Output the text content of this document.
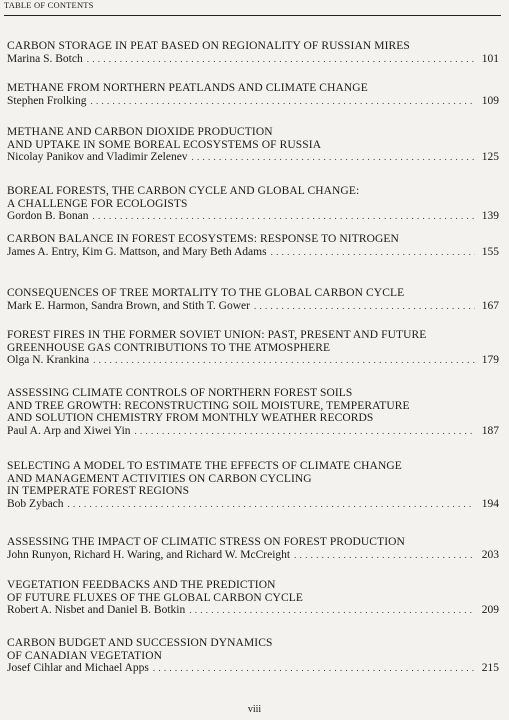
TABLE OF CONTENTS
CARBON STORAGE IN PEAT BASED ON REGIONALITY OF RUSSIAN MIRES
Marina S. Botch . . .	101
METHANE FROM NORTHERN PEATLANDS AND CLIMATE CHANGE
Stephen Frolking . . .	109
METHANE AND CARBON DIOXIDE PRODUCTION
AND UPTAKE IN SOME BOREAL ECOSYSTEMS OF RUSSIA
Nicolay Panikov and Vladimir Zelenev . . .	125
BOREAL FORESTS, THE CARBON CYCLE AND GLOBAL CHANGE:
A CHALLENGE FOR ECOLOGISTS
Gordon B. Bonan . . .	139
CARBON BALANCE IN FOREST ECOSYSTEMS: RESPONSE TO NITROGEN
James A. Entry, Kim G. Mattson, and Mary Beth Adams . . .	155
CONSEQUENCES OF TREE MORTALITY TO THE GLOBAL CARBON CYCLE
Mark E. Harmon, Sandra Brown, and Stith T. Gower . . .	167
FOREST FIRES IN THE FORMER SOVIET UNION: PAST, PRESENT AND FUTURE
GREENHOUSE GAS CONTRIBUTIONS TO THE ATMOSPHERE
Olga N. Krankina . . .	179
ASSESSING CLIMATE CONTROLS OF NORTHERN FOREST SOILS
AND TREE GROWTH: RECONSTRUCTING SOIL MOISTURE, TEMPERATURE
AND SOLUTION CHEMISTRY FROM MONTHLY WEATHER RECORDS
Paul A. Arp and Xiwei Yin . . .	187
SELECTING A MODEL TO ESTIMATE THE EFFECTS OF CLIMATE CHANGE
AND MANAGEMENT ACTIVITIES ON CARBON CYCLING
IN TEMPERATE FOREST REGIONS
Bob Zybach . . .	194
ASSESSING THE IMPACT OF CLIMATIC STRESS ON FOREST PRODUCTION
John Runyon, Richard H. Waring, and Richard W. McCreight . . .	203
VEGETATION FEEDBACKS AND THE PREDICTION
OF FUTURE FLUXES OF THE GLOBAL CARBON CYCLE
Robert A. Nisbet and Daniel B. Botkin . . .	209
CARBON BUDGET AND SUCCESSION DYNAMICS
OF CANADIAN VEGETATION
Josef Cihlar and Michael Apps . . .	215
viii
